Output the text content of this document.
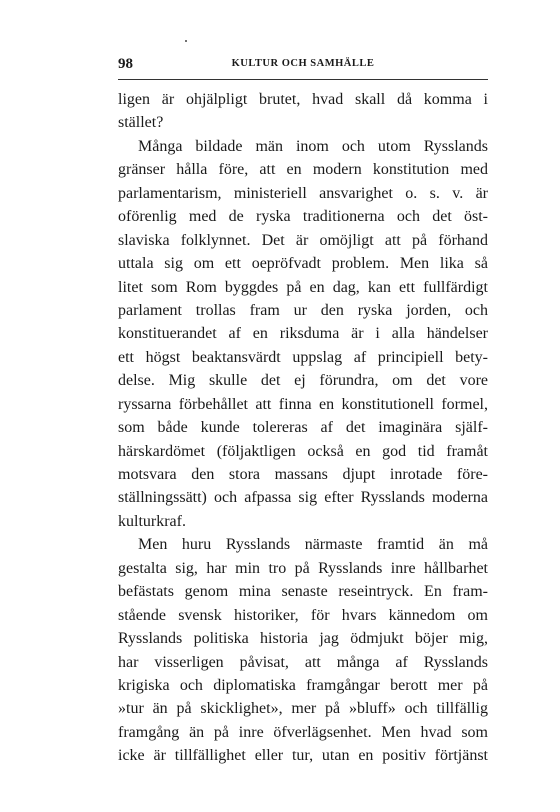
98	KULTUR OCH SAMHÄLLE
ligen är ohjälpligt brutet, hvad skall då komma i
stället?
Många bildade män inom och utom Rysslands
gränser hålla före, att en modern konstitution med
parlamentarism, ministeriell ansvarighet o. s. v. är
oförenlig med de ryska traditionerna och det öst-
slaviska folklynnet. Det är omöjligt att på förhand
uttala sig om ett oepröfvadt problem. Men lika så
litet som Rom byggdes på en dag, kan ett fullfärdigt
parlament trollas fram ur den ryska jorden, och
konstituerandet af en riksduma är i alla händelser
ett högst beaktansvärdt uppslag af principiell bety-
delse. Mig skulle det ej förundra, om det vore
ryssarna förbehållet att finna en konstitutionell formel,
som både kunde tolereras af det imaginära själf-
härskardömet (följaktligen också en god tid framåt
motsvara den stora massans djupt inrotade före-
ställningssätt) och afpassa sig efter Rysslands moderna
kulturkraf.
Men huru Rysslands närmaste framtid än må
gestalta sig, har min tro på Rysslands inre hållbarhet
befästats genom mina senaste reseintryck. En fram-
stående svensk historiker, för hvars kännedom om
Rysslands politiska historia jag ödmjukt böjer mig,
har visserligen påvisat, att många af Rysslands
krigiska och diplomatiska framgångar berott mer på
»tur än på skicklighet», mer på »bluff» och tillfällig
framgång än på inre öfverlägsenhet. Men hvad som
icke är tillfällighet eller tur, utan en positiv förtjänst
